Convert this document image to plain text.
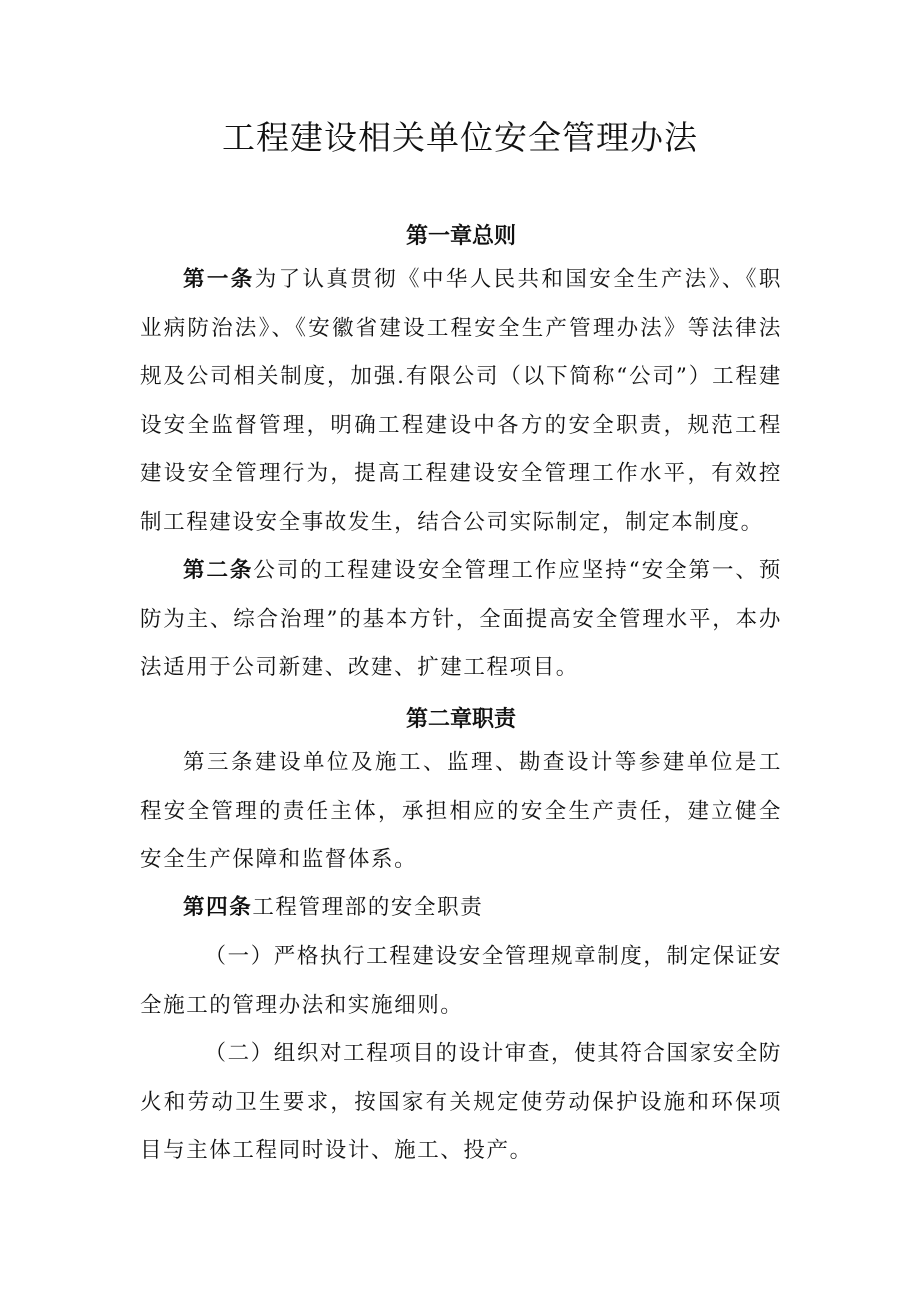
工程建设相关单位安全管理办法
第一章总则

第一条为了认真贯彻《中华人民共和国安全生产法》、《职业病防治法》、《安徽省建设工程安全生产管理办法》等法律法规及公司相关制度，加强.有限公司（以下简称“公司”）工程建设安全监督管理，明确工程建设中各方的安全职责，规范工程建设安全管理行为，提高工程建设安全管理工作水平，有效控制工程建设安全事故发生，结合公司实际制定，制定本制度。

第二条公司的工程建设安全管理工作应坚持“安全第一、预防为主、综合治理”的基本方针，全面提高安全管理水平，本办法适用于公司新建、改建、扩建工程项目。

第二章职责

第三条建设单位及施工、监理、勘查设计等参建单位是工程安全管理的责任主体，承担相应的安全生产责任，建立健全安全生产保障和监督体系。

第四条工程管理部的安全职责

（一）严格执行工程建设安全管理规章制度，制定保证安全施工的管理办法和实施细则。

（二）组织对工程项目的设计审查，使其符合国家安全防火和劳动卫生要求，按国家有关规定使劳动保护设施和环保项目与主体工程同时设计、施工、投产。
